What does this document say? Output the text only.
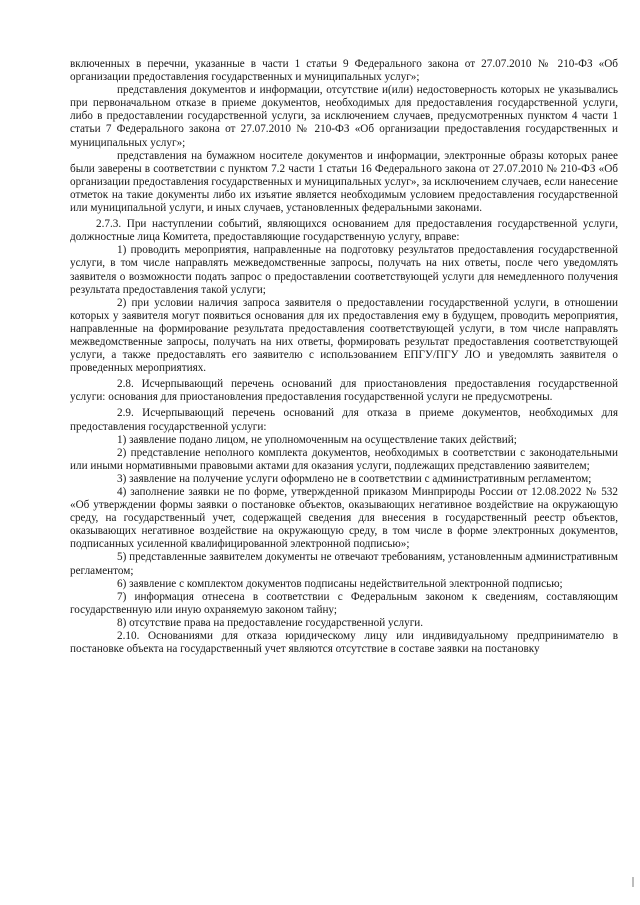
включенных в перечни, указанные в части 1 статьи 9 Федерального закона от 27.07.2010 № 210-ФЗ «Об организации предоставления государственных и муниципальных услуг»;

представления документов и информации, отсутствие и(или) недостоверность которых не указывались при первоначальном отказе в приеме документов, необходимых для предоставления государственной услуги, либо в предоставлении государственной услуги, за исключением случаев, предусмотренных пунктом 4 части 1 статьи 7 Федерального закона от 27.07.2010 № 210-ФЗ «Об организации предоставления государственных и муниципальных услуг»;

представления на бумажном носителе документов и информации, электронные образы которых ранее были заверены в соответствии с пунктом 7.2 части 1 статьи 16 Федерального закона от 27.07.2010 № 210-ФЗ «Об организации предоставления государственных и муниципальных услуг», за исключением случаев, если нанесение отметок на такие документы либо их изъятие является необходимым условием предоставления государственной или муниципальной услуги, и иных случаев, установленных федеральными законами.

2.7.3. При наступлении событий, являющихся основанием для предоставления государственной услуги, должностные лица Комитета, предоставляющие государственную услугу, вправе:

1) проводить мероприятия, направленные на подготовку результатов предоставления государственной услуги, в том числе направлять межведомственные запросы, получать на них ответы, после чего уведомлять заявителя о возможности подать запрос о предоставлении соответствующей услуги для немедленного получения результата предоставления такой услуги;

2) при условии наличия запроса заявителя о предоставлении государственной услуги, в отношении которых у заявителя могут появиться основания для их предоставления ему в будущем, проводить мероприятия, направленные на формирование результата предоставления соответствующей услуги, в том числе направлять межведомственные запросы, получать на них ответы, формировать результат предоставления соответствующей услуги, а также предоставлять его заявителю с использованием ЕПГУ/ПГУ ЛО и уведомлять заявителя о проведенных мероприятиях.

2.8. Исчерпывающий перечень оснований для приостановления предоставления государственной услуги: основания для приостановления предоставления государственной услуги не предусмотрены.

2.9. Исчерпывающий перечень оснований для отказа в приеме документов, необходимых для предоставления государственной услуги:

1) заявление подано лицом, не уполномоченным на осуществление таких действий;

2) представление неполного комплекта документов, необходимых в соответствии с законодательными или иными нормативными правовыми актами для оказания услуги, подлежащих представлению заявителем;

3) заявление на получение услуги оформлено не в соответствии с административным регламентом;

4) заполнение заявки не по форме, утвержденной приказом Минприроды России от 12.08.2022 № 532 «Об утверждении формы заявки о постановке объектов, оказывающих негативное воздействие на окружающую среду, на государственный учет, содержащей сведения для внесения в государственный реестр объектов, оказывающих негативное воздействие на окружающую среду, в том числе в форме электронных документов, подписанных усиленной квалифицированной электронной подписью»;

5) представленные заявителем документы не отвечают требованиям, установленным административным регламентом;

6) заявление с комплектом документов подписаны недействительной электронной подписью;

7) информация отнесена в соответствии с Федеральным законом к сведениям, составляющим государственную или иную охраняемую законом тайну;

8) отсутствие права на предоставление государственной услуги.

2.10. Основаниями для отказа юридическому лицу или индивидуальному предпринимателю в постановке объекта на государственный учет являются отсутствие в составе заявки на постановку
